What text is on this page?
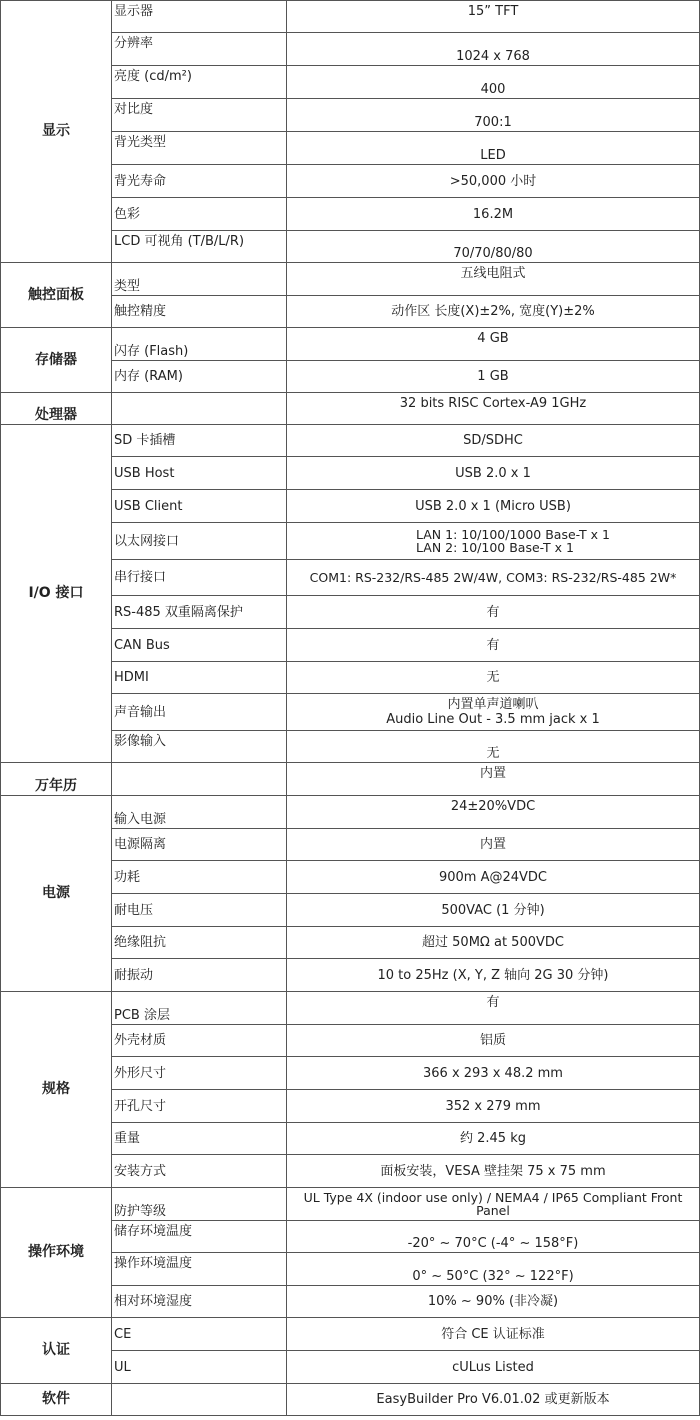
显示	显示器	15” TFT
	分辨率	1024 x 768
	亮度 (cd/m²)	400
	对比度	700:1
	背光类型	LED
	背光寿命	>50,000 小时
	色彩	16.2M
	LCD 可视角 (T/B/L/R)	70/70/80/80
触控面板	类型	五线电阻式
	触控精度	动作区 长度(X)±2%, 宽度(Y)±2%
存储器	闪存 (Flash)	4 GB
	内存 (RAM)	1 GB
处理器		32 bits RISC Cortex-A9 1GHz
I/O 接口	SD 卡插槽	SD/SDHC
	USB Host	USB 2.0 x 1
	USB Client	USB 2.0 x 1 (Micro USB)
	以太网接口	LAN 1: 10/100/1000 Base-T x 1
LAN 2: 10/100 Base-T x 1

	串行接口	COM1: RS-232/RS-485 2W/4W, COM3: RS-232/RS-485 2W*
	RS-485 双重隔离保护	有
	CAN Bus	有
	HDMI	无
	声音输出	内置单声道喇叭
Audio Line Out - 3.5 mm jack x 1

	影像输入	无
万年历		内置
电源	输入电源	24±20%VDC
	电源隔离	内置
	功耗	900m A@24VDC
	耐电压	500VAC (1 分钟)
	绝缘阻抗	超过 50MΩ at 500VDC
	耐振动	10 to 25Hz (X, Y, Z 轴向 2G 30 分钟)
规格	PCB 涂层	有
	外壳材质	铝质
	外形尺寸	366 x 293 x 48.2 mm
	开孔尺寸	352 x 279 mm
	重量	约 2.45 kg
	安装方式	面板安装，VESA 壁挂架 75 x 75 mm
操作环境	防护等级	UL Type 4X (indoor use only) / NEMA4 / IP65 Compliant Front
Panel

	储存环境温度	-20° ~ 70°C (-4° ~ 158°F)
	操作环境温度	0° ~ 50°C (32° ~ 122°F)
	相对环境湿度	10% ~ 90% (非冷凝)
认证	CE	符合 CE 认证标准
	UL	cULus Listed
软件		EasyBuilder Pro V6.01.02 或更新版本
